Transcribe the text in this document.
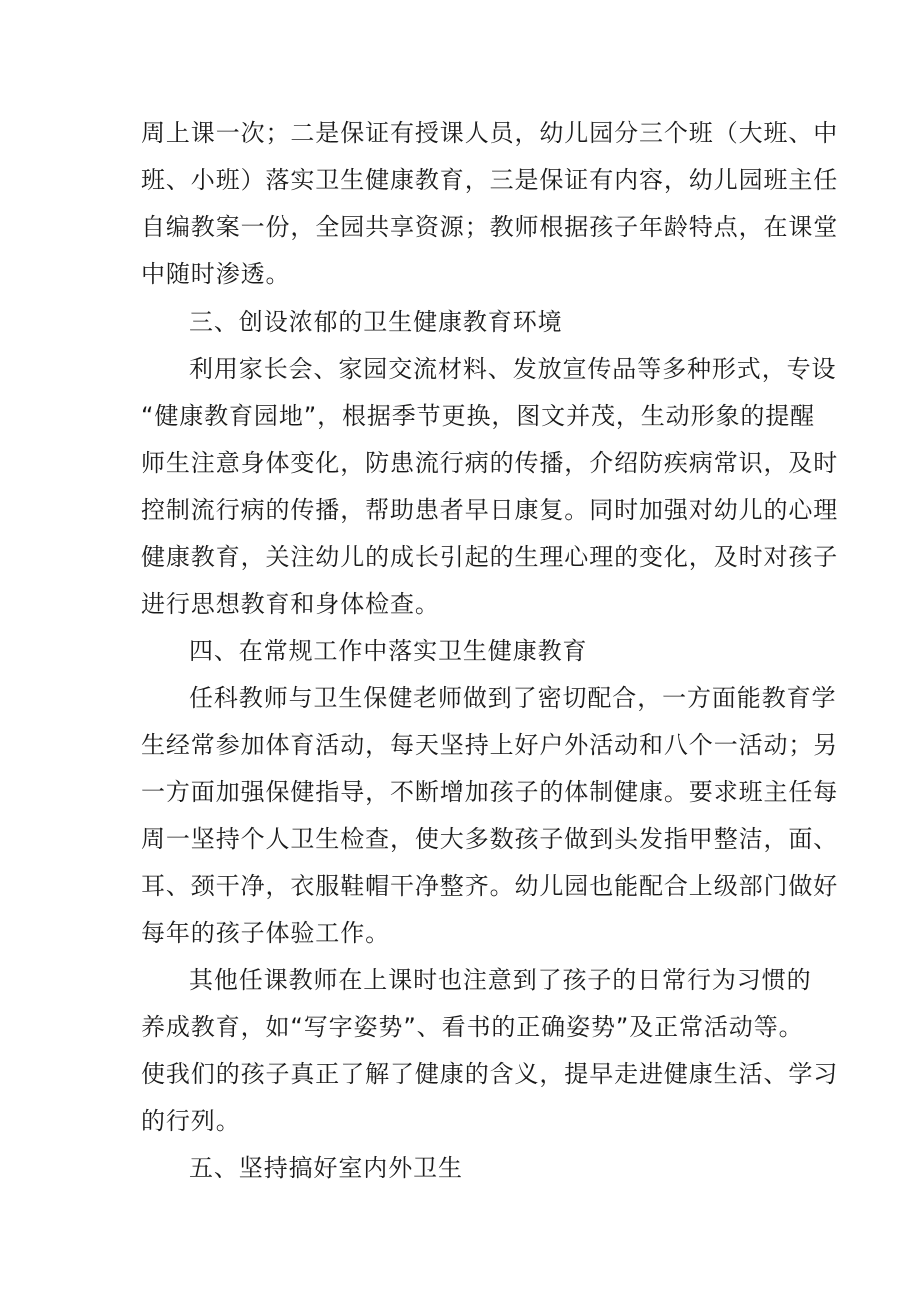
周上课一次；二是保证有授课人员，幼儿园分三个班（大班、中
班、小班）落实卫生健康教育，三是保证有内容，幼儿园班主任
自编教案一份，全园共享资源；教师根据孩子年龄特点，在课堂
中随时渗透。
三、创设浓郁的卫生健康教育环境
利用家长会、家园交流材料、发放宣传品等多种形式，专设
“健康教育园地”，根据季节更换，图文并茂，生动形象的提醒
师生注意身体变化，防患流行病的传播，介绍防疾病常识，及时
控制流行病的传播，帮助患者早日康复。同时加强对幼儿的心理
健康教育，关注幼儿的成长引起的生理心理的变化，及时对孩子
进行思想教育和身体检查。
四、在常规工作中落实卫生健康教育
任科教师与卫生保健老师做到了密切配合，一方面能教育学
生经常参加体育活动，每天坚持上好户外活动和八个一活动；另
一方面加强保健指导，不断增加孩子的体制健康。要求班主任每
周一坚持个人卫生检查，使大多数孩子做到头发指甲整洁，面、
耳、颈干净，衣服鞋帽干净整齐。幼儿园也能配合上级部门做好
每年的孩子体验工作。
其他任课教师在上课时也注意到了孩子的日常行为习惯的
养成教育，如“写字姿势”、看书的正确姿势”及正常活动等。
使我们的孩子真正了解了健康的含义，提早走进健康生活、学习
的行列。
五、坚持搞好室内外卫生
